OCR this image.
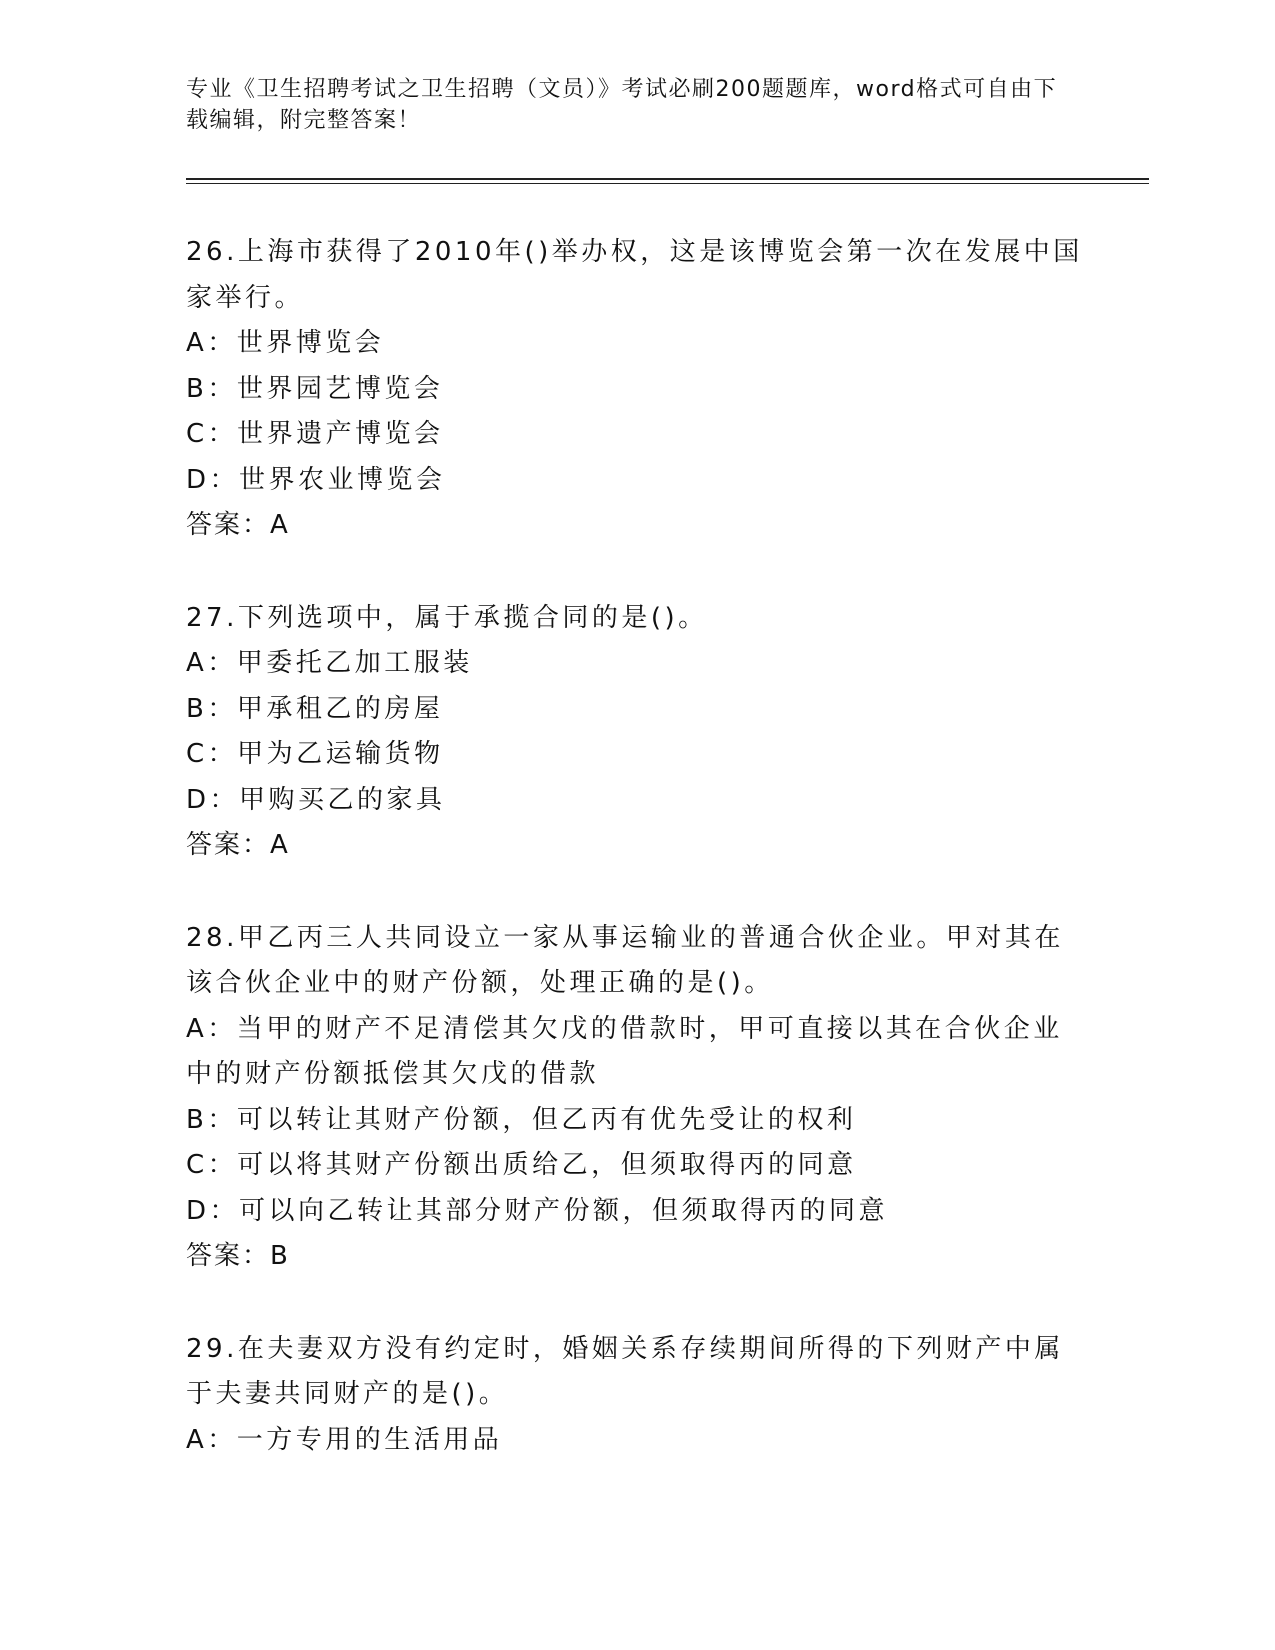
专业《卫生招聘考试之卫生招聘（文员）》考试必刷200题题库，word格式可自由下载编辑，附完整答案！
26.上海市获得了2010年()举办权，这是该博览会第一次在发展中国家举行。
A：世界博览会
B：世界园艺博览会
C：世界遗产博览会
D：世界农业博览会
答案：A
27.下列选项中，属于承揽合同的是()。
A：甲委托乙加工服装
B：甲承租乙的房屋
C：甲为乙运输货物
D：甲购买乙的家具
答案：A
28.甲乙丙三人共同设立一家从事运输业的普通合伙企业。甲对其在该合伙企业中的财产份额，处理正确的是()。
A：当甲的财产不足清偿其欠戊的借款时，甲可直接以其在合伙企业中的财产份额抵偿其欠戊的借款
B：可以转让其财产份额，但乙丙有优先受让的权利
C：可以将其财产份额出质给乙，但须取得丙的同意
D：可以向乙转让其部分财产份额，但须取得丙的同意
答案：B
29.在夫妻双方没有约定时，婚姻关系存续期间所得的下列财产中属于夫妻共同财产的是()。
A：一方专用的生活用品
